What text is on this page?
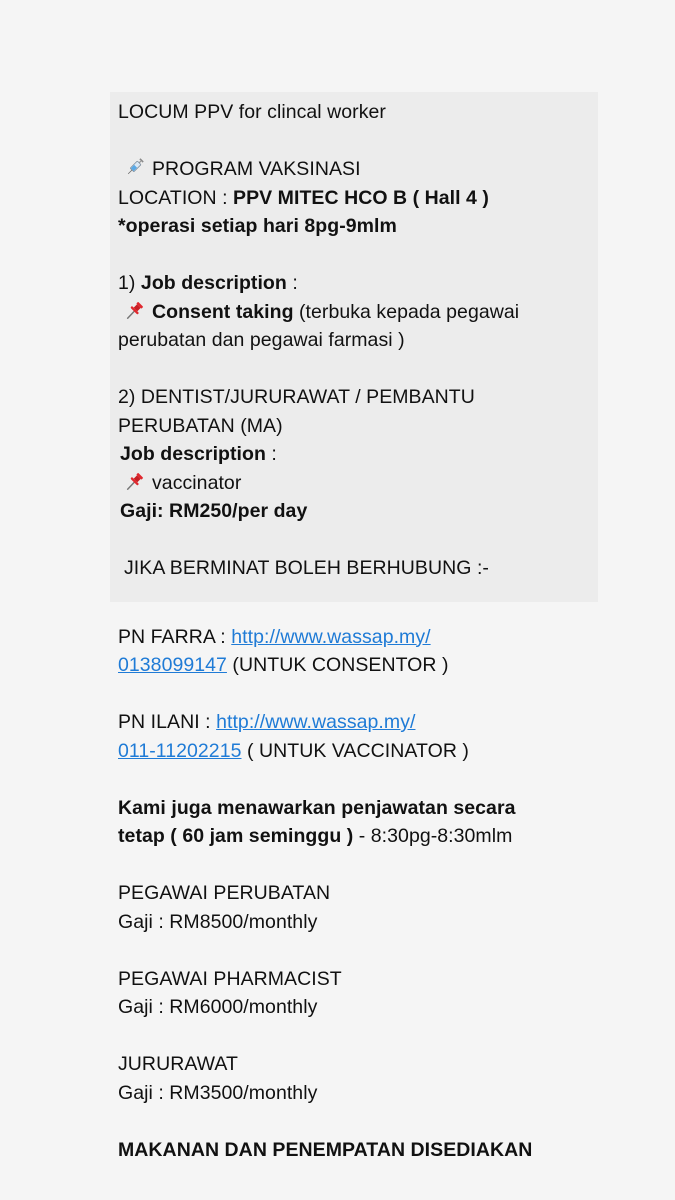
LOCUM PPV for clincal worker
PROGRAM VAKSINASI
LOCATION : PPV MITEC HCO B ( Hall 4 )
*operasi setiap hari 8pg-9mlm
1) Job description :
Consent taking (terbuka kepada pegawai
perubatan dan pegawai farmasi )
2) DENTIST/JURURAWAT / PEMBANTU
PERUBATAN (MA)
Job description :
vaccinator
Gaji: RM250/per day
JIKA BERMINAT BOLEH BERHUBUNG :-
PN FARRA : http://www.wassap.my/
0138099147 (UNTUK CONSENTOR )
PN ILANI : http://www.wassap.my/
011-11202215 ( UNTUK VACCINATOR )
Kami juga menawarkan penjawatan secara
tetap ( 60 jam seminggu ) - 8:30pg-8:30mlm
PEGAWAI PERUBATAN
Gaji : RM8500/monthly
PEGAWAI PHARMACIST
Gaji : RM6000/monthly
JURURAWAT
Gaji : RM3500/monthly
MAKANAN DAN PENEMPATAN DISEDIAKAN
